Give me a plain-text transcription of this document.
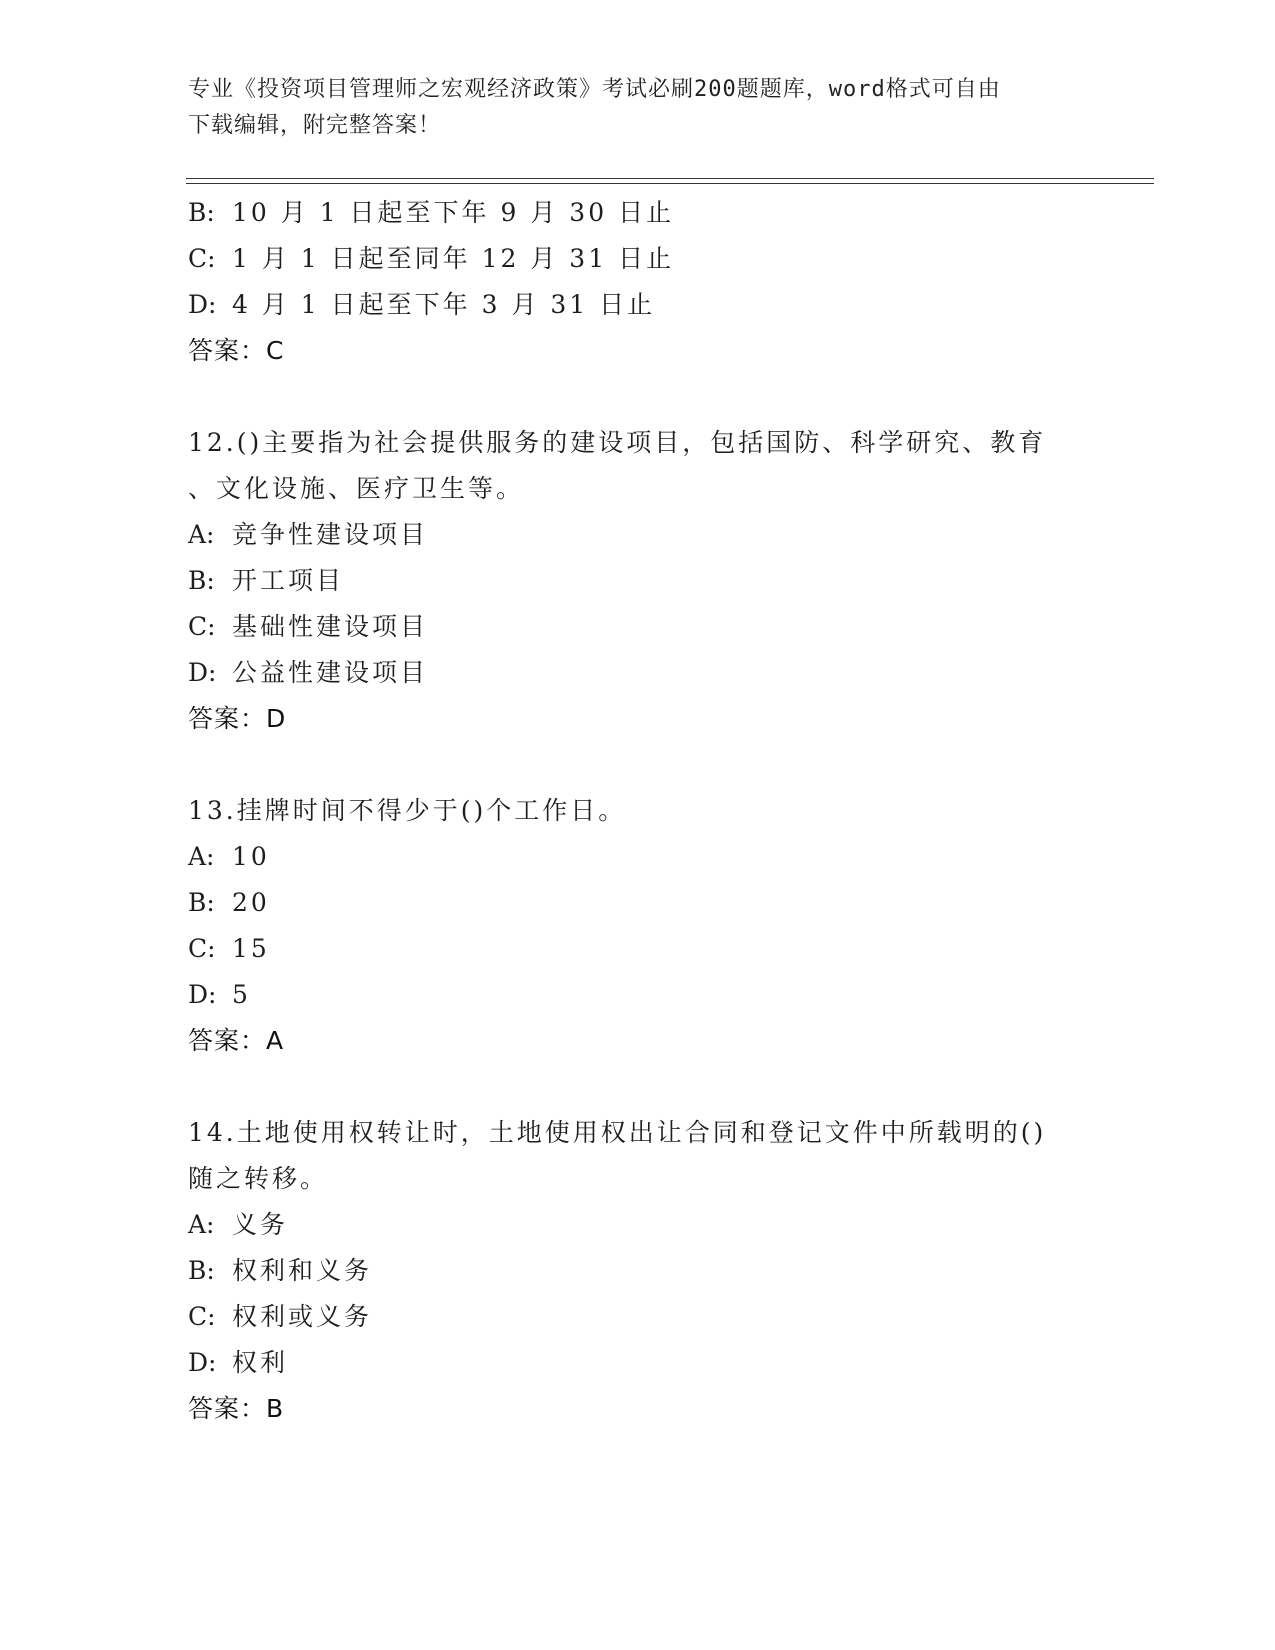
专业《投资项目管理师之宏观经济政策》考试必刷200题题库，word格式可自由
下载编辑，附完整答案！
B: 10 月 1 日起至下年 9 月 30 日止
C: 1 月 1 日起至同年 12 月 31 日止
D: 4 月 1 日起至下年 3 月 31 日止
答案：C
12.()主要指为社会提供服务的建设项目，包括国防、科学研究、教育
、文化设施、医疗卫生等。
A: 竞争性建设项目
B: 开工项目
C: 基础性建设项目
D: 公益性建设项目
答案：D
13.挂牌时间不得少于()个工作日。
A: 10
B: 20
C: 15
D: 5
答案：A
14.土地使用权转让时，土地使用权出让合同和登记文件中所载明的()
随之转移。
A: 义务
B: 权利和义务
C: 权利或义务
D: 权利
答案：B
